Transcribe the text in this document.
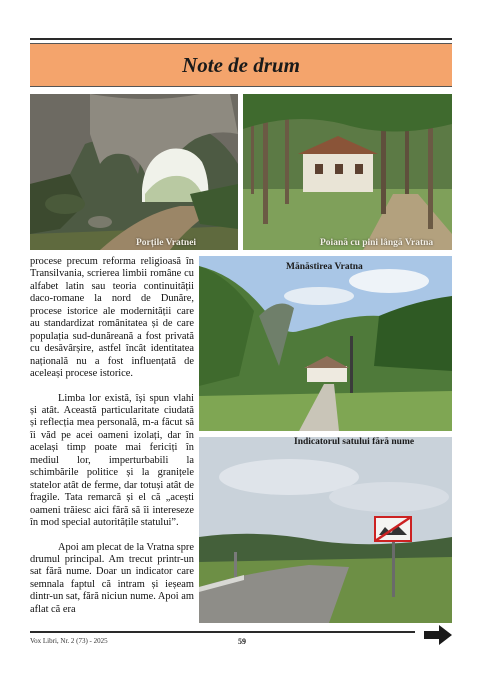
Note de drum
Porțile Vratnei	Poiană cu pini lângă Vratna

procese precum reforma religioasă în Transilvania, scrierea limbii române cu alfabet latin sau teoria continuității daco-romane la nord de Dunăre, procese istorice ale modernității care au standardizat românitatea și de care populația sud-dunăreană a fost privată cu desăvârșire, astfel încât identitatea națională nu a fost influențată de aceleași procese istorice.

Limba lor există, își spun vlahi și atât. Această particularitate ciudată și reflecția mea personală, m-a făcut să îi văd pe acei oameni izolați, dar în același timp poate mai fericiți în mediul lor, imperturbabili la schimbările politice și la granițele statelor atât de ferme, dar totuși atât de fragile. Tata remarcă și el că „acești oameni trăiesc aici fără să îi intereseze în mod special autoritățile statului”.

Apoi am plecat de la Vratna spre drumul principal. Am trecut printr-un sat fără nume. Doar un indicator care semnala faptul că intram și ieșeam dintr-un sat, fără niciun nume. Apoi am aflat că era

Mănăstirea Vratna
Indicatorul satului fără nume
Vox Libri, Nr. 2 (73) - 2025	59
